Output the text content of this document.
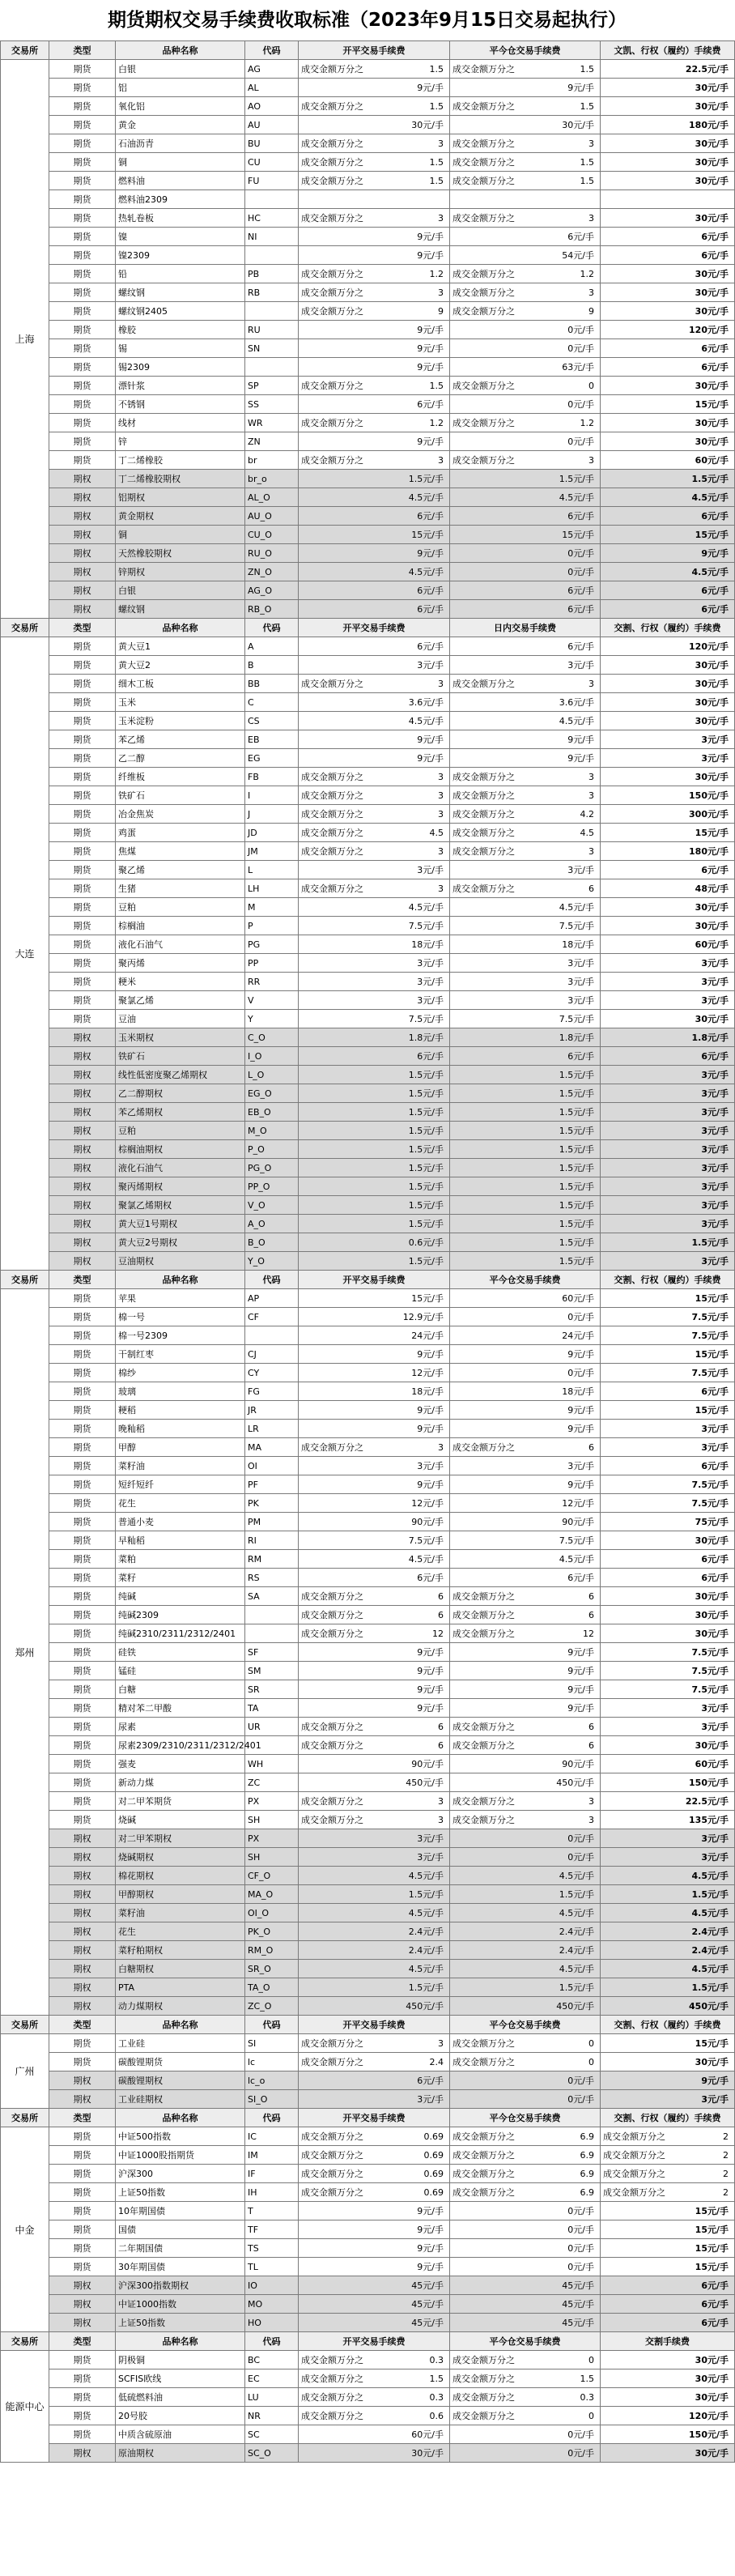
期货期权交易手续费收取标准（2023年9月15日交易起执行）
交易所	类型	品种名称	代码	开平交易手续费	平今仓交易手续费	文凯、行权（履约）手续费
上海	期货	白银	AG	成交金额万分之 1.5	成交金额万分之 1.5	22.5元/手

	期货	铝	AL	9元/手	9元/手	30元/手

	期货	氧化铝	AO	成交金额万分之 1.5	成交金额万分之 1.5	30元/手

	期货	黄金	AU	30元/手	30元/手	180元/手

	期货	石油沥青	BU	成交金额万分之 3	成交金额万分之 3	30元/手

	期货	铜	CU	成交金额万分之 1.5	成交金额万分之 1.5	30元/手

	期货	燃料油	FU	成交金额万分之 1.5	成交金额万分之 1.5	30元/手

	期货	燃料油2309		

	期货	热轧卷板	HC	成交金额万分之 3	成交金额万分之 3	30元/手

	期货	镍	NI	9元/手	6元/手	6元/手

	期货	镍2309		9元/手	54元/手	6元/手

	期货	铅	PB	成交金额万分之 1.2	成交金额万分之 1.2	30元/手

	期货	螺纹钢	RB	成交金额万分之 3	成交金额万分之 3	30元/手

	期货	螺纹钢2405		成交金额万分之 9	成交金额万分之 9	30元/手

	期货	橡胶	RU	9元/手	0元/手	120元/手

	期货	锡	SN	9元/手	0元/手	6元/手

	期货	锡2309		9元/手	63元/手	6元/手

	期货	漂针浆	SP	成交金额万分之 1.5	成交金额万分之 0	30元/手

	期货	不锈钢	SS	6元/手	0元/手	15元/手

	期货	线材	WR	成交金额万分之 1.2	成交金额万分之 1.2	30元/手

	期货	锌	ZN	9元/手	0元/手	30元/手

	期货	丁二烯橡胶	br	成交金额万分之 3	成交金额万分之 3	60元/手

	期权	丁二烯橡胶期权	br_o	1.5元/手	1.5元/手	1.5元/手

	期权	铝期权	AL_O	4.5元/手	4.5元/手	4.5元/手

	期权	黄金期权	AU_O	6元/手	6元/手	6元/手

	期权	铜	CU_O	15元/手	15元/手	15元/手

	期权	天然橡胶期权	RU_O	9元/手	0元/手	9元/手

	期权	锌期权	ZN_O	4.5元/手	0元/手	4.5元/手

	期权	白银	AG_O	6元/手	6元/手	6元/手

	期权	螺纹钢	RB_O	6元/手	6元/手	6元/手

交易所	类型	品种名称	代码	开平交易手续费	日内交易手续费	交割、行权（履约）手续费
大连	期货	黄大豆1	A	6元/手	6元/手	120元/手

	期货	黄大豆2	B	3元/手	3元/手	30元/手

	期货	细木工板	BB	成交金额万分之 3	成交金额万分之 3	30元/手

	期货	玉米	C	3.6元/手	3.6元/手	30元/手

	期货	玉米淀粉	CS	4.5元/手	4.5元/手	30元/手

	期货	苯乙烯	EB	9元/手	9元/手	3元/手

	期货	乙二醇	EG	9元/手	9元/手	3元/手

	期货	纤维板	FB	成交金额万分之 3	成交金额万分之 3	30元/手

	期货	铁矿石	I	成交金额万分之 3	成交金额万分之 3	150元/手

	期货	冶金焦炭	J	成交金额万分之 3	成交金额万分之 4.2	300元/手

	期货	鸡蛋	JD	成交金额万分之 4.5	成交金额万分之 4.5	15元/手

	期货	焦煤	JM	成交金额万分之 3	成交金额万分之 3	180元/手

	期货	聚乙烯	L	3元/手	3元/手	6元/手

	期货	生猪	LH	成交金额万分之 3	成交金额万分之 6	48元/手

	期货	豆粕	M	4.5元/手	4.5元/手	30元/手

	期货	棕榈油	P	7.5元/手	7.5元/手	30元/手

	期货	液化石油气	PG	18元/手	18元/手	60元/手

	期货	聚丙烯	PP	3元/手	3元/手	3元/手

	期货	粳米	RR	3元/手	3元/手	3元/手

	期货	聚氯乙烯	V	3元/手	3元/手	3元/手

	期货	豆油	Y	7.5元/手	7.5元/手	30元/手

	期权	玉米期权	C_O	1.8元/手	1.8元/手	1.8元/手

	期权	铁矿石	I_O	6元/手	6元/手	6元/手

	期权	线性低密度聚乙烯期权	L_O	1.5元/手	1.5元/手	3元/手

	期权	乙二醇期权	EG_O	1.5元/手	1.5元/手	3元/手

	期权	苯乙烯期权	EB_O	1.5元/手	1.5元/手	3元/手

	期权	豆粕	M_O	1.5元/手	1.5元/手	3元/手

	期权	棕榈油期权	P_O	1.5元/手	1.5元/手	3元/手

	期权	液化石油气	PG_O	1.5元/手	1.5元/手	3元/手

	期权	聚丙烯期权	PP_O	1.5元/手	1.5元/手	3元/手

	期权	聚氯乙烯期权	V_O	1.5元/手	1.5元/手	3元/手

	期权	黄大豆1号期权	A_O	1.5元/手	1.5元/手	3元/手

	期权	黄大豆2号期权	B_O	0.6元/手	1.5元/手	1.5元/手

	期权	豆油期权	Y_O	1.5元/手	1.5元/手	3元/手

交易所	类型	品种名称	代码	开平交易手续费	平今仓交易手续费	交割、行权（履约）手续费
郑州	期货	苹果	AP	15元/手	60元/手	15元/手

	期货	棉一号	CF	12.9元/手	0元/手	7.5元/手

	期货	棉一号2309		24元/手	24元/手	7.5元/手

	期货	干制红枣	CJ	9元/手	9元/手	15元/手

	期货	棉纱	CY	12元/手	0元/手	7.5元/手

	期货	玻璃	FG	18元/手	18元/手	6元/手

	期货	粳稻	JR	9元/手	9元/手	15元/手

	期货	晚籼稻	LR	9元/手	9元/手	3元/手

	期货	甲醇	MA	成交金额万分之 3	成交金额万分之 6	3元/手

	期货	菜籽油	OI	3元/手	3元/手	6元/手

	期货	短纤短纤	PF	9元/手	9元/手	7.5元/手

	期货	花生	PK	12元/手	12元/手	7.5元/手

	期货	普通小麦	PM	90元/手	90元/手	75元/手

	期货	早籼稻	RI	7.5元/手	7.5元/手	30元/手

	期货	菜粕	RM	4.5元/手	4.5元/手	6元/手

	期货	菜籽	RS	6元/手	6元/手	6元/手

	期货	纯碱	SA	成交金额万分之 6	成交金额万分之 6	30元/手

	期货	纯碱2309		成交金额万分之 6	成交金额万分之 6	30元/手

	期货	纯碱2310/2311/2312/2401		成交金额万分之 12	成交金额万分之 12	30元/手

	期货	硅铁	SF	9元/手	9元/手	7.5元/手

	期货	锰硅	SM	9元/手	9元/手	7.5元/手

	期货	白糖	SR	9元/手	9元/手	7.5元/手

	期货	精对苯二甲酸	TA	9元/手	9元/手	3元/手

	期货	尿素	UR	成交金额万分之 6	成交金额万分之 6	3元/手

	期货	尿素2309/2310/2311/2312/2401		成交金额万分之 6	成交金额万分之 6	30元/手

	期货	强麦	WH	90元/手	90元/手	60元/手

	期货	新动力煤	ZC	450元/手	450元/手	150元/手

	期货	对二甲苯期货	PX	成交金额万分之 3	成交金额万分之 3	22.5元/手

	期货	烧碱	SH	成交金额万分之 3	成交金额万分之 3	135元/手

	期权	对二甲苯期权	PX	3元/手	0元/手	3元/手

	期权	烧碱期权	SH	3元/手	0元/手	3元/手

	期权	棉花期权	CF_O	4.5元/手	4.5元/手	4.5元/手

	期权	甲醇期权	MA_O	1.5元/手	1.5元/手	1.5元/手

	期权	菜籽油	OI_O	4.5元/手	4.5元/手	4.5元/手

	期权	花生	PK_O	2.4元/手	2.4元/手	2.4元/手

	期权	菜籽粕期权	RM_O	2.4元/手	2.4元/手	2.4元/手

	期权	白糖期权	SR_O	4.5元/手	4.5元/手	4.5元/手

	期权	PTA	TA_O	1.5元/手	1.5元/手	1.5元/手

	期权	动力煤期权	ZC_O	450元/手	450元/手	450元/手

交易所	类型	品种名称	代码	开平交易手续费	平今仓交易手续费	交割、行权（履约）手续费
广州	期货	工业硅	SI	成交金额万分之 3	成交金额万分之 0	15元/手

	期货	碳酸锂期货	lc	成交金额万分之 2.4	成交金额万分之 0	30元/手

	期权	碳酸锂期权	lc_o	6元/手	0元/手	9元/手

	期权	工业硅期权	SI_O	3元/手	0元/手	3元/手

交易所	类型	品种名称	代码	开平交易手续费	平今仓交易手续费	交割、行权（履约）手续费
中金	期货	中证500指数	IC	成交金额万分之 0.69	成交金额万分之 6.9	成交金额万分之 2

	期货	中证1000股指期货	IM	成交金额万分之 0.69	成交金额万分之 6.9	成交金额万分之 2

	期货	沪深300	IF	成交金额万分之 0.69	成交金额万分之 6.9	成交金额万分之 2

	期货	上证50指数	IH	成交金额万分之 0.69	成交金额万分之 6.9	成交金额万分之 2

	期货	10年期国债	T	9元/手	0元/手	15元/手

	期货	国债	TF	9元/手	0元/手	15元/手

	期货	二年期国债	TS	9元/手	0元/手	15元/手

	期货	30年期国债	TL	9元/手	0元/手	15元/手

	期权	沪深300指数期权	IO	45元/手	45元/手	6元/手

	期权	中证1000指数	MO	45元/手	45元/手	6元/手

	期权	上证50指数	HO	45元/手	45元/手	6元/手

交易所	类型	品种名称	代码	开平交易手续费	平今仓交易手续费	交割手续费
能源中心	期货	阴极铜	BC	成交金额万分之 0.3	成交金额万分之 0	30元/手

	期货	SCFIS欧线	EC	成交金额万分之 1.5	成交金额万分之 1.5	30元/手

	期货	低硫燃料油	LU	成交金额万分之 0.3	成交金额万分之 0.3	30元/手

	期货	20号胶	NR	成交金额万分之 0.6	成交金额万分之 0	120元/手

	期货	中质含硫原油	SC	60元/手	0元/手	150元/手

	期权	原油期权	SC_O	30元/手	0元/手	30元/手
